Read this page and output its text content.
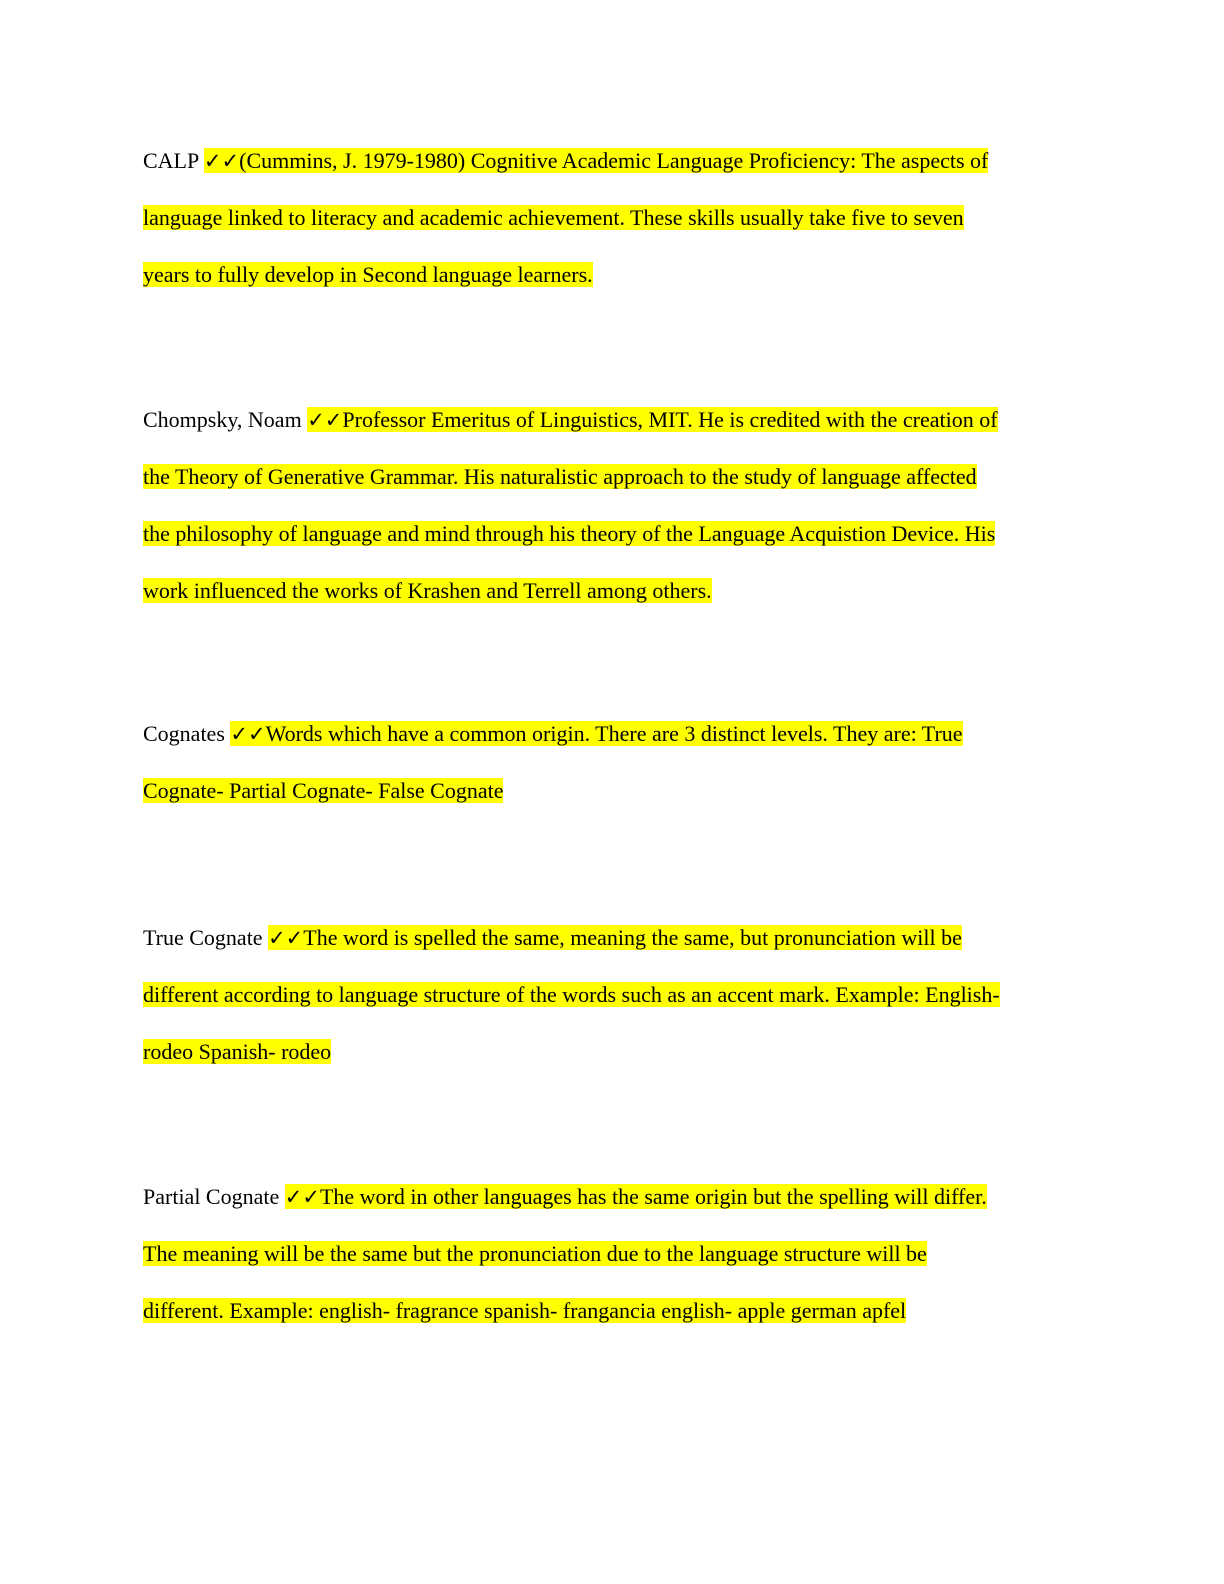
CALP ✓✓(Cummins, J. 1979-1980) Cognitive Academic Language Proficiency: The aspects of
language linked to literacy and academic achievement. These skills usually take five to seven
years to fully develop in Second language learners.
Chompsky, Noam ✓✓Professor Emeritus of Linguistics, MIT. He is credited with the creation of
the Theory of Generative Grammar. His naturalistic approach to the study of language affected
the philosophy of language and mind through his theory of the Language Acquistion Device. His
work influenced the works of Krashen and Terrell among others.
Cognates ✓✓Words which have a common origin. There are 3 distinct levels. They are: True
Cognate- Partial Cognate- False Cognate
True Cognate ✓✓The word is spelled the same, meaning the same, but pronunciation will be
different according to language structure of the words such as an accent mark. Example: English-
rodeo Spanish- rodeo
Partial Cognate ✓✓The word in other languages has the same origin but the spelling will differ.
The meaning will be the same but the pronunciation due to the language structure will be
different. Example: english- fragrance spanish- frangancia english- apple german apfel
